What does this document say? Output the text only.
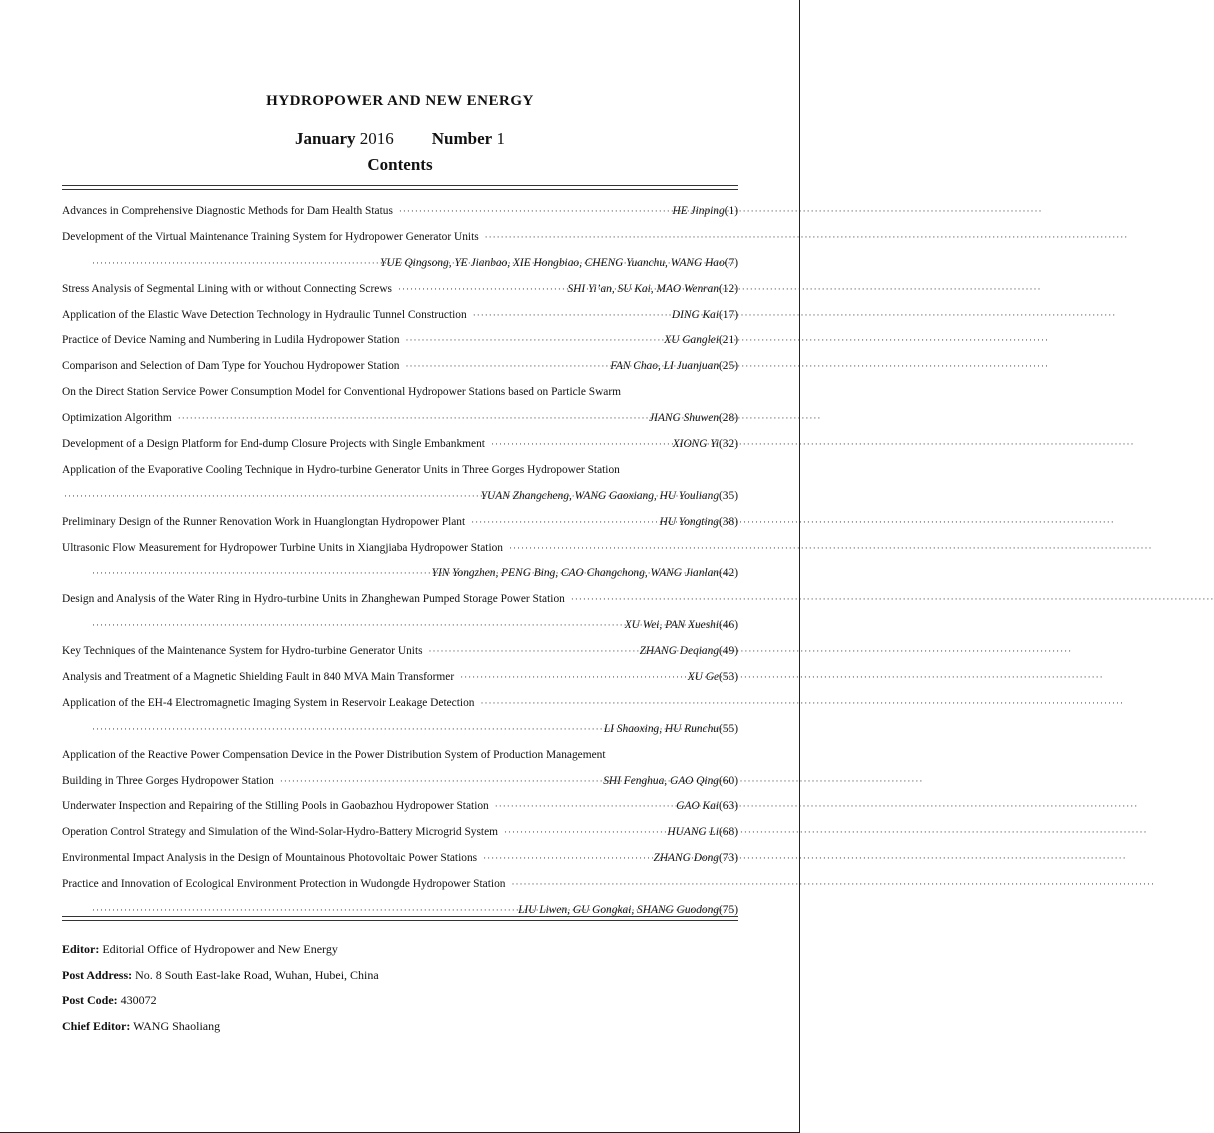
HYDROPOWER AND NEW ENERGY
January 2016 Number 1
Contents
Advances in Comprehensive Diagnostic Methods for Dam Health Status ·····	HE Jinping (1)
Development of the Virtual Maintenance Training System for Hydropower Generator Units
·····
·····
YUE Qingsong, YE Jianbao, XIE Hongbiao, CHENG Yuanchu, WANG Hao (7)
Stress Analysis of Segmental Lining with or without Connecting Screws ·····	SHI Yi’an, SU Kai, MAO Wenran (12)
Application of the Elastic Wave Detection Technology in Hydraulic Tunnel Construction ·····	DING Kai (17)
Practice of Device Naming and Numbering in Ludila Hydropower Station ·····	XU Ganglei (21)
Comparison and Selection of Dam Type for Youchou Hydropower Station ·····	FAN Chao, LI Juanjuan (25)
On the Direct Station Service Power Consumption Model for Conventional Hydropower Stations based on Particle Swarm
Optimization Algorithm ·····	JIANG Shuwen (28)
Development of a Design Platform for End-dump Closure Projects with Single Embankment ·····	XIONG Yi (32)
Application of the Evaporative Cooling Technique in Hydro-turbine Generator Units in Three Gorges Hydropower Station
·····
YUAN Zhangcheng, WANG Gaoxiang, HU Youliang (35)
Preliminary Design of the Runner Renovation Work in Huanglongtan Hydropower Plant ·····	HU Yongting (38)
Ultrasonic Flow Measurement for Hydropower Turbine Units in Xiangjiaba Hydropower Station
·····
·····
YIN Yongzhen, PENG Bing, CAO Changchong, WANG Jianlan (42)
Design and Analysis of the Water Ring in Hydro-turbine Units in Zhanghewan Pumped Storage Power Station
·····
·····
XU Wei, PAN Xueshi (46)
Key Techniques of the Maintenance System for Hydro-turbine Generator Units ·····	ZHANG Deqiang (49)
Analysis and Treatment of a Magnetic Shielding Fault in 840 MVA Main Transformer ·····	XU Ge (53)
Application of the EH-4 Electromagnetic Imaging System in Reservoir Leakage Detection
·····
·····
LI Shaoxing, HU Runchu (55)
Application of the Reactive Power Compensation Device in the Power Distribution System of Production Management
Building in Three Gorges Hydropower Station ·····	SHI Fenghua, GAO Qing (60)
Underwater Inspection and Repairing of the Stilling Pools in Gaobazhou Hydropower Station ·····	GAO Kai (63)
Operation Control Strategy and Simulation of the Wind-Solar-Hydro-Battery Microgrid System ·····	HUANG Li (68)
Environmental Impact Analysis in the Design of Mountainous Photovoltaic Power Stations ·····	ZHANG Dong (73)
Practice and Innovation of Ecological Environment Protection in Wudongde Hydropower Station
·····
·····
LIU Liwen, GU Gongkai, SHANG Guodong (75)
Editor: Editorial Office of Hydropower and New Energy
Post Address: No. 8 South East-lake Road, Wuhan, Hubei, China
Post Code: 430072
Chief Editor: WANG Shaoliang
